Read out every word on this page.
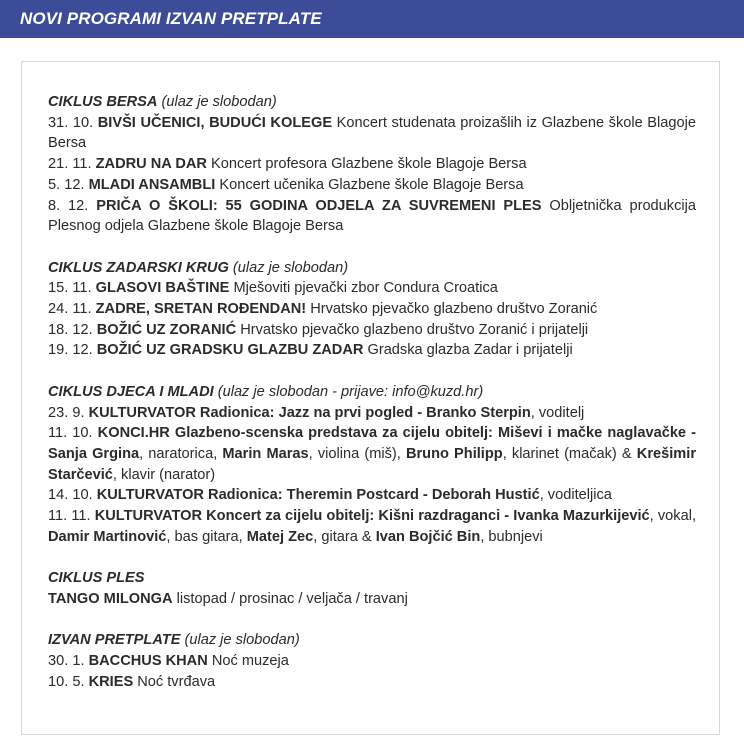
NOVI PROGRAMI IZVAN PRETPLATE
CIKLUS BERSA (ulaz je slobodan)
31. 10. BIVŠI UČENICI, BUDUĆI KOLEGE Koncert studenata proizašlih iz Glazbene škole Blagoje Bersa
21. 11. ZADRU NA DAR Koncert profesora Glazbene škole Blagoje Bersa
5. 12. MLADI ANSAMBLI Koncert učenika Glazbene škole Blagoje Bersa
8. 12. PRIČA O ŠKOLI: 55 GODINA ODJELA ZA SUVREMENI PLES Obljetnička produkcija Plesnog odjela Glazbene škole Blagoje Bersa
CIKLUS ZADARSKI KRUG (ulaz je slobodan)
15. 11. GLASOVI BAŠTINE Mješoviti pjevački zbor Condura Croatica
24. 11. ZADRE, SRETAN ROĐENDAN! Hrvatsko pjevačko glazbeno društvo Zoranić
18. 12. BOŽIĆ UZ ZORANIĆ Hrvatsko pjevačko glazbeno društvo Zoranić i prijatelji
19. 12. BOŽIĆ UZ GRADSKU GLAZBU ZADAR Gradska glazba Zadar i prijatelji
CIKLUS DJECA I MLADI (ulaz je slobodan - prijave: info@kuzd.hr)
23. 9. KULTURVATOR Radionica: Jazz na prvi pogled - Branko Sterpin, voditelj
11. 10. KONCI.HR Glazbeno-scenska predstava za cijelu obitelj: Miševi i mačke naglavačke - Sanja Grgina, naratorica, Marin Maras, violina (miš), Bruno Philipp, klarinet (mačak) & Krešimir Starčević, klavir (narator)
14. 10. KULTURVATOR Radionica: Theremin Postcard - Deborah Hustić, voditeljica
11. 11. KULTURVATOR Koncert za cijelu obitelj: Kišni razdraganci - Ivanka Mazurkijević, vokal, Damir Martinović, bas gitara, Matej Zec, gitara & Ivan Bojčić Bin, bubnjevi
CIKLUS PLES
TANGO MILONGA listopad / prosinac / veljača / travanj
IZVAN PRETPLATE (ulaz je slobodan)
30. 1. BACCHUS KHAN Noć muzeja
10. 5. KRIES Noć tvrđava
